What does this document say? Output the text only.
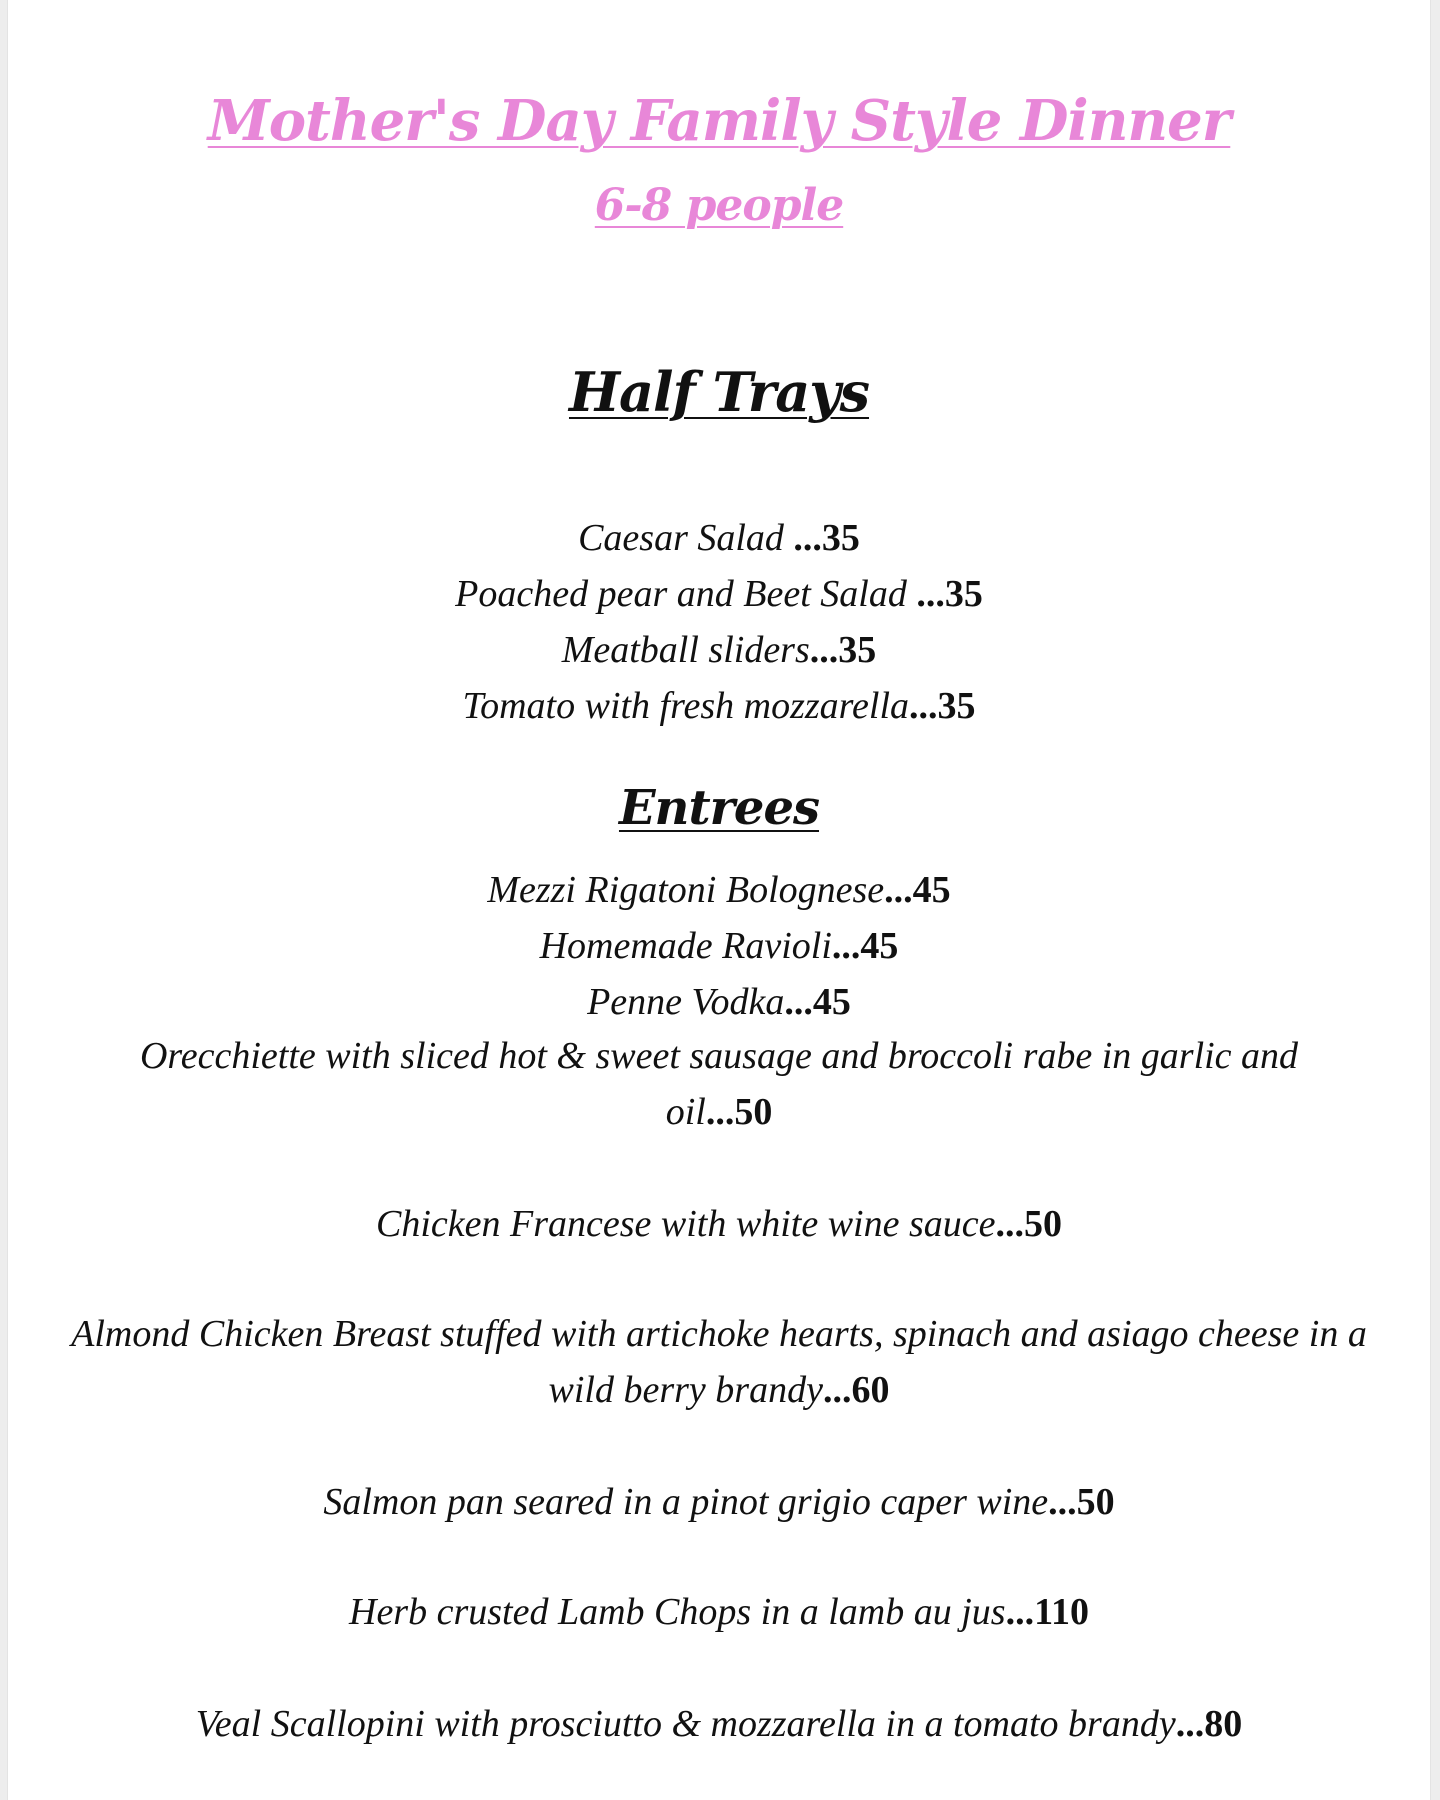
Mother's Day Family Style Dinner
6-8 people
Half Trays
Caesar Salad ...35
Poached pear and Beet Salad ...35
Meatball sliders...35
Tomato with fresh mozzarella...35
Entrees
Mezzi Rigatoni Bolognese...45
Homemade Ravioli...45
Penne Vodka...45
Orecchiette with sliced hot & sweet sausage and broccoli rabe in garlic and oil...50
Chicken Francese with white wine sauce...50
Almond Chicken Breast stuffed with artichoke hearts, spinach and asiago cheese in a wild berry brandy...60
Salmon pan seared in a pinot grigio caper wine...50
Herb crusted Lamb Chops in a lamb au jus...110
Veal Scallopini with prosciutto & mozzarella in a tomato brandy...80
